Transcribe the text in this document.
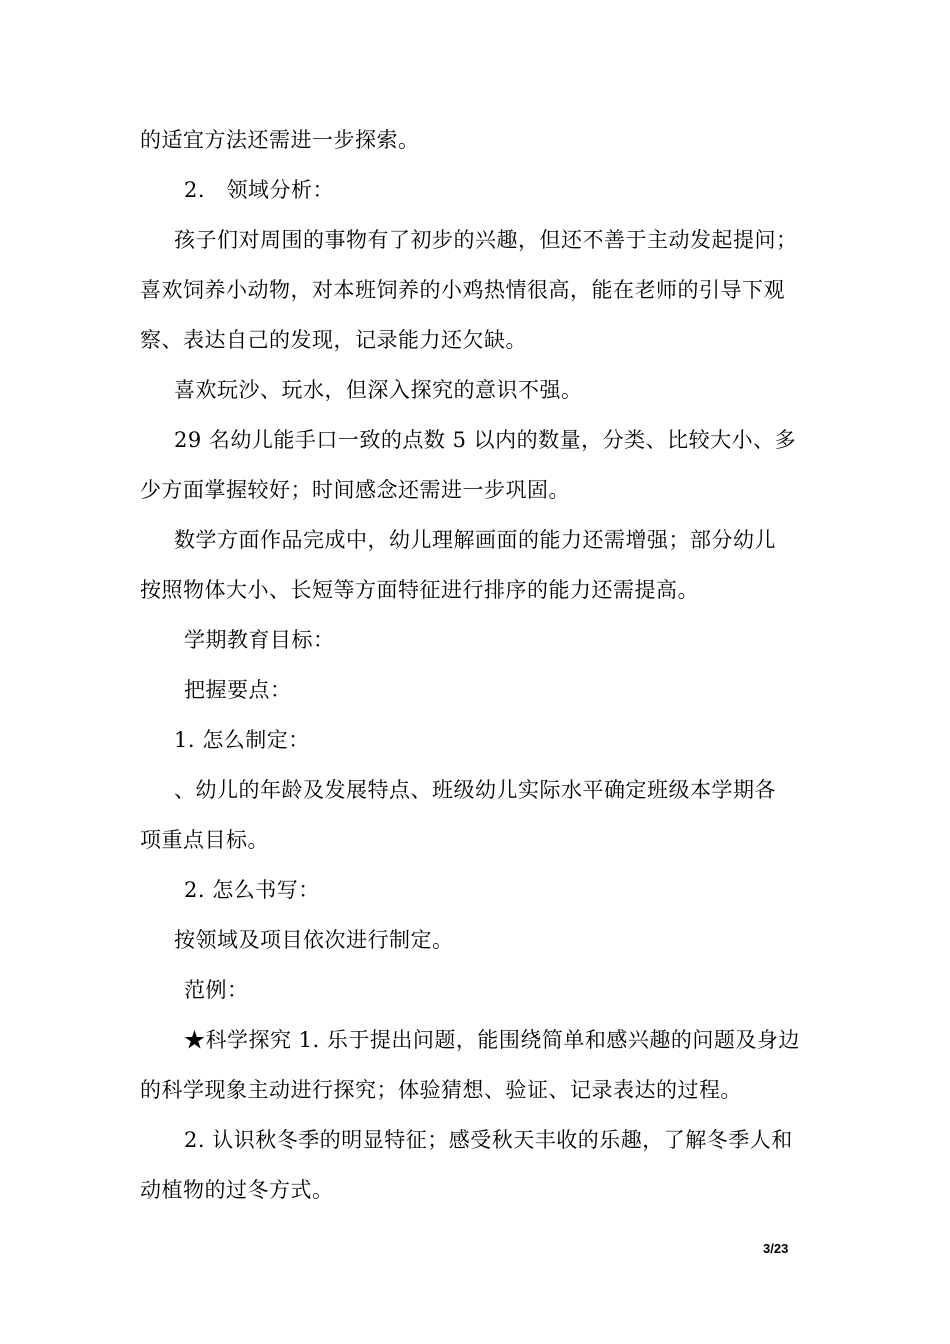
的适宜方法还需进一步探索。
2.　领域分析：
孩子们对周围的事物有了初步的兴趣，但还不善于主动发起提问；
喜欢饲养小动物，对本班饲养的小鸡热情很高，能在老师的引导下观
察、表达自己的发现，记录能力还欠缺。
喜欢玩沙、玩水，但深入探究的意识不强。
29 名幼儿能手口一致的点数 5 以内的数量，分类、比较大小、多
少方面掌握较好；时间感念还需进一步巩固。
数学方面作品完成中，幼儿理解画面的能力还需增强；部分幼儿
按照物体大小、长短等方面特征进行排序的能力还需提高。
学期教育目标：
把握要点：
1. 怎么制定：
、幼儿的年龄及发展特点、班级幼儿实际水平确定班级本学期各
项重点目标。
2. 怎么书写：
按领域及项目依次进行制定。
范例：
★科学探究 1. 乐于提出问题，能围绕简单和感兴趣的问题及身边
的科学现象主动进行探究；体验猜想、验证、记录表达的过程。
2. 认识秋冬季的明显特征；感受秋天丰收的乐趣，了解冬季人和
动植物的过冬方式。
3/23
